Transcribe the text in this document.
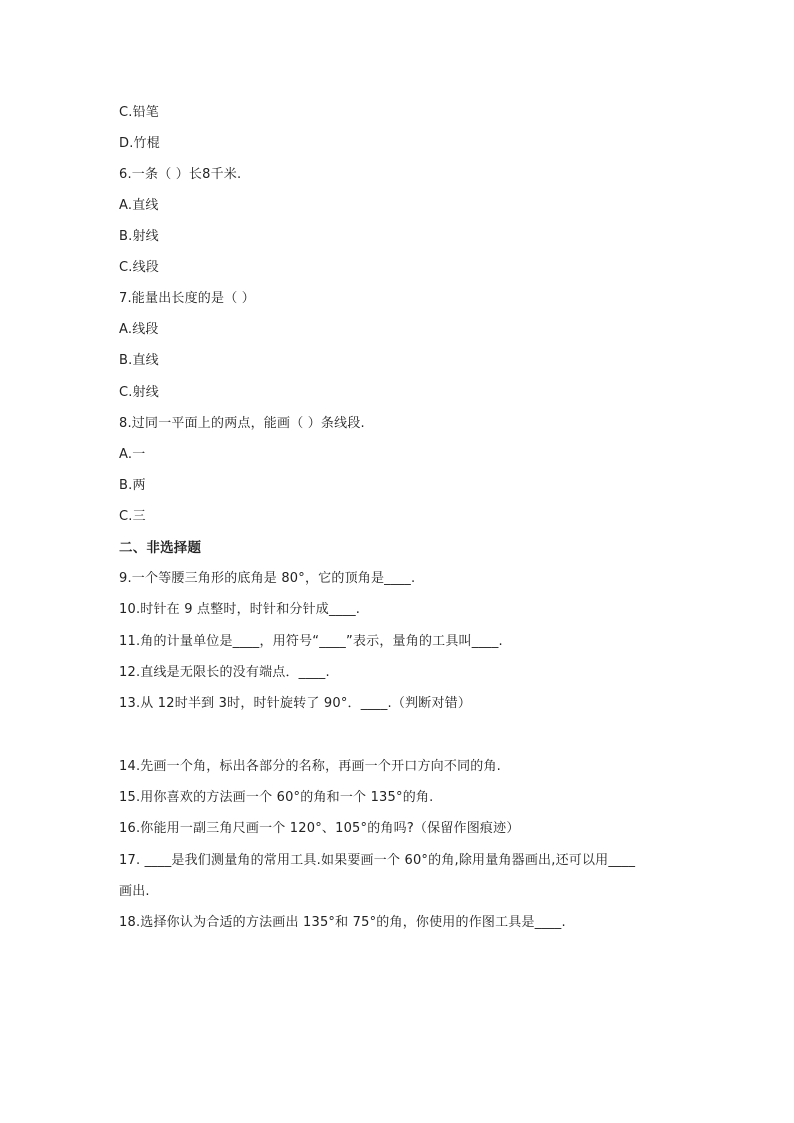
C.铅笔
D.竹棍
6.一条（ ）长8千米.
A.直线
B.射线
C.线段
7.能量出长度的是（ ）
A.线段
B.直线
C.射线
8.过同一平面上的两点，能画（ ）条线段.
A.一
B.两
C.三
二、非选择题
9.一个等腰三角形的底角是 80°，它的顶角是____.
10.时针在 9 点整时，时针和分针成____.
11.角的计量单位是____，用符号“____”表示，量角的工具叫____.
12.直线是无限长的没有端点．____.
13.从 12时半到 3时，时针旋转了 90°．____.（判断对错）
14.先画一个角，标出各部分的名称，再画一个开口方向不同的角.
15.用你喜欢的方法画一个 60°的角和一个 135°的角.
16.你能用一副三角尺画一个 120°、105°的角吗?（保留作图痕迹）
17. ____是我们测量角的常用工具.如果要画一个 60°的角,除用量角器画出,还可以用____
画出.
18.选择你认为合适的方法画出 135°和 75°的角，你使用的作图工具是____.
